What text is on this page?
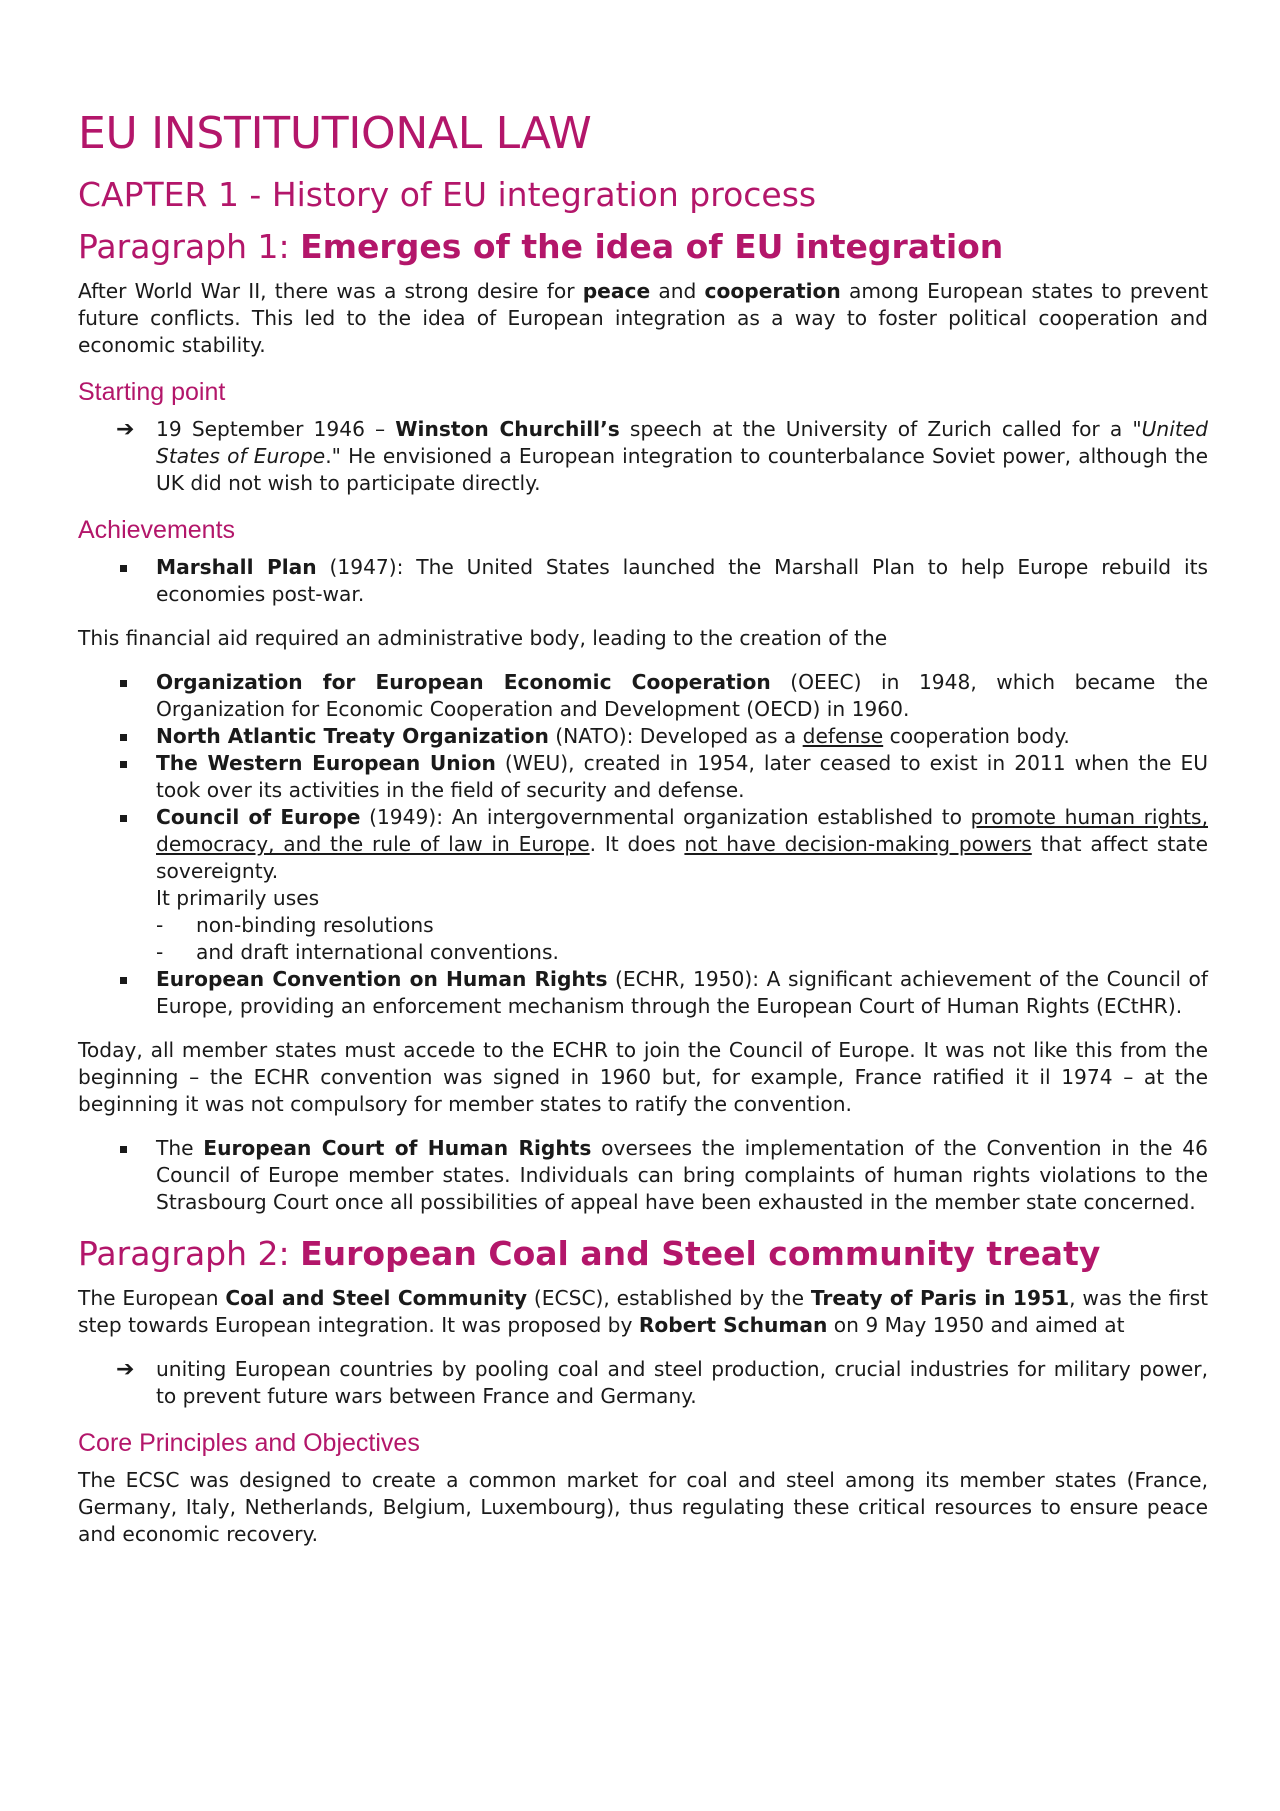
EU INSTITUTIONAL LAW
CAPTER 1 - History of EU integration process
Paragraph 1: Emerges of the idea of EU integration

After World War II, there was a strong desire for peace and cooperation among European states to prevent future conflicts. This led to the idea of European integration as a way to foster political cooperation and economic stability.

Starting point
➔ 19 September 1946 – Winston Churchill’s speech at the University of Zurich called for a "United States of Europe." He envisioned a European integration to counterbalance Soviet power, although the UK did not wish to participate directly.
Achievements
Marshall Plan (1947): The United States launched the Marshall Plan to help Europe rebuild its economies post-war.

This financial aid required an administrative body, leading to the creation of the

Organization for European Economic Cooperation (OEEC) in 1948, which became the Organization for Economic Cooperation and Development (OECD) in 1960.
North Atlantic Treaty Organization (NATO): Developed as a defense cooperation body.
The Western European Union (WEU), created in 1954, later ceased to exist in 2011 when the EU took over its activities in the field of security and defense.
Council of Europe (1949): An intergovernmental organization established to promote human rights, democracy, and the rule of law in Europe. It does not have decision-making powers that affect state sovereignty.
It primarily uses
- non-binding resolutions
- and draft international conventions.
European Convention on Human Rights (ECHR, 1950): A significant achievement of the Council of Europe, providing an enforcement mechanism through the European Court of Human Rights (ECtHR).

Today, all member states must accede to the ECHR to join the Council of Europe. It was not like this from the beginning – the ECHR convention was signed in 1960 but, for example, France ratified it il 1974 – at the beginning it was not compulsory for member states to ratify the convention.

The European Court of Human Rights oversees the implementation of the Convention in the 46 Council of Europe member states. Individuals can bring complaints of human rights violations to the Strasbourg Court once all possibilities of appeal have been exhausted in the member state concerned.
Paragraph 2: European Coal and Steel community treaty

The European Coal and Steel Community (ECSC), established by the Treaty of Paris in 1951, was the first step towards European integration. It was proposed by Robert Schuman on 9 May 1950 and aimed at

➔ uniting European countries by pooling coal and steel production, crucial industries for military power, to prevent future wars between France and Germany.
Core Principles and Objectives

The ECSC was designed to create a common market for coal and steel among its member states (France, Germany, Italy, Netherlands, Belgium, Luxembourg), thus regulating these critical resources to ensure peace and economic recovery.
